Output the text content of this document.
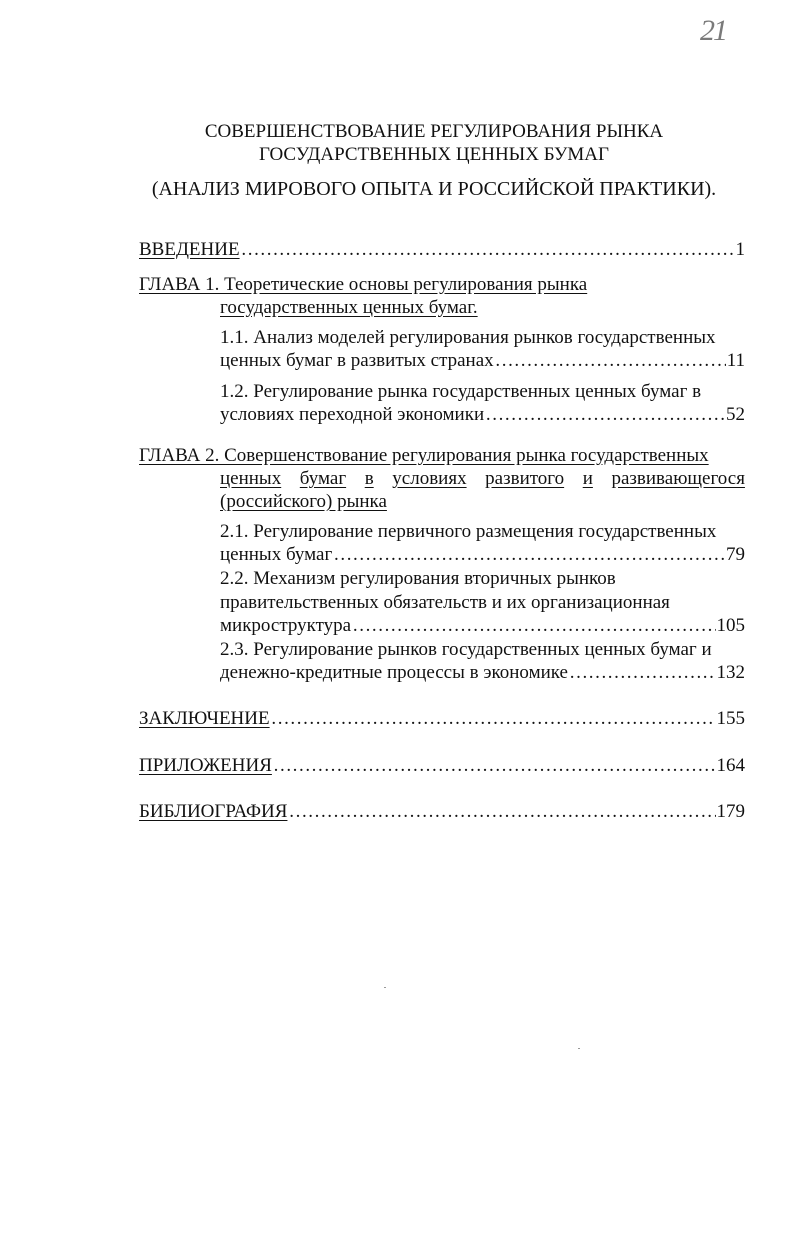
21
СОВЕРШЕНСТВОВАНИЕ РЕГУЛИРОВАНИЯ РЫНКА
ГОСУДАРСТВЕННЫХ ЦЕННЫХ БУМАГ
(АНАЛИЗ МИРОВОГО ОПЫТА И РОССИЙСКОЙ ПРАКТИКИ).
ВВЕДЕНИЕ ……………………………………………………………………………………………………………………………………………………	1
ГЛАВА 1. Теоретические основы регулирования рынка
государственных ценных бумаг.
1.1. Анализ моделей регулирования рынков государственных
ценных бумаг в развитых странах ……………………………………………………………………………………………………………………………………………………	11
1.2. Регулирование рынка государственных ценных бумаг в
условиях переходной экономики ……………………………………………………………………………………………………………………………………………………	52
ГЛАВА 2. Совершенствование регулирования рынка государственных
ценных бумаг в условиях развитого и развивающегося
(российского) рынка
2.1. Регулирование первичного размещения государственных
ценных бумаг ……………………………………………………………………………………………………………………………………………………	79
2.2. Механизм регулирования вторичных рынков
правительственных обязательств и их организационная
микроструктура ……………………………………………………………………………………………………………………………………………………	105
2.3. Регулирование рынков государственных ценных бумаг и
денежно-кредитные процессы в экономике ……………………………………………………………………………………………………………………………………………………	132
ЗАКЛЮЧЕНИЕ ……………………………………………………………………………………………………………………………………………………	155
ПРИЛОЖЕНИЯ ……………………………………………………………………………………………………………………………………………………	164
БИБЛИОГРАФИЯ ……………………………………………………………………………………………………………………………………………………	179
